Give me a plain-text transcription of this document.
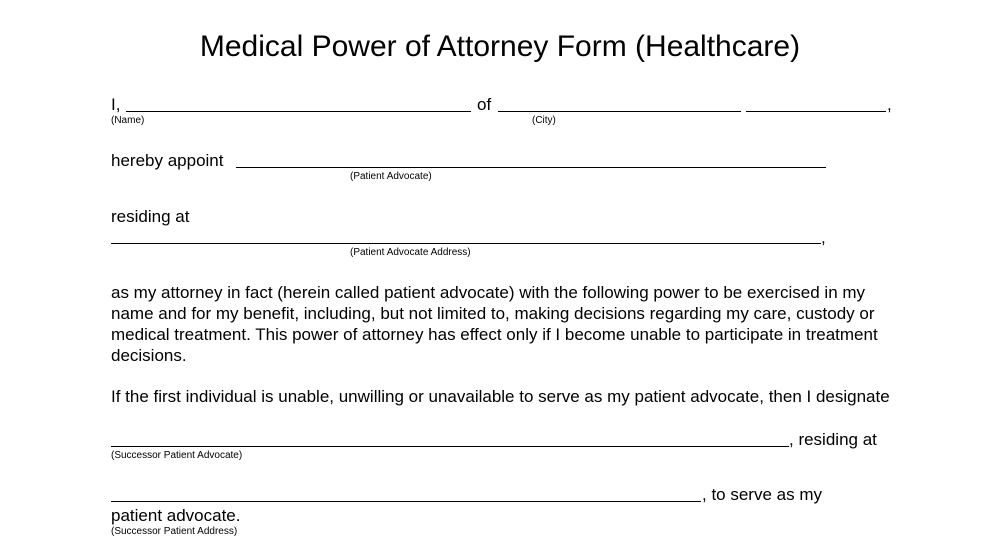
Medical Power of Attorney Form (Healthcare)
I,	of	,
(Name)	(City)
hereby appoint
(Patient Advocate)
residing at
,
(Patient Advocate Address)
as my attorney in fact (herein called patient advocate) with the following power to be exercised in my name and for my benefit, including, but not limited to, making decisions regarding my care, custody or medical treatment. This power of attorney has effect only if I become unable to participate in treatment decisions.
If the first individual is unable, unwilling or unavailable to serve as my patient advocate, then I designate
, residing at
(Successor Patient Advocate)
, to serve as my
patient advocate.
(Successor Patient Address)
